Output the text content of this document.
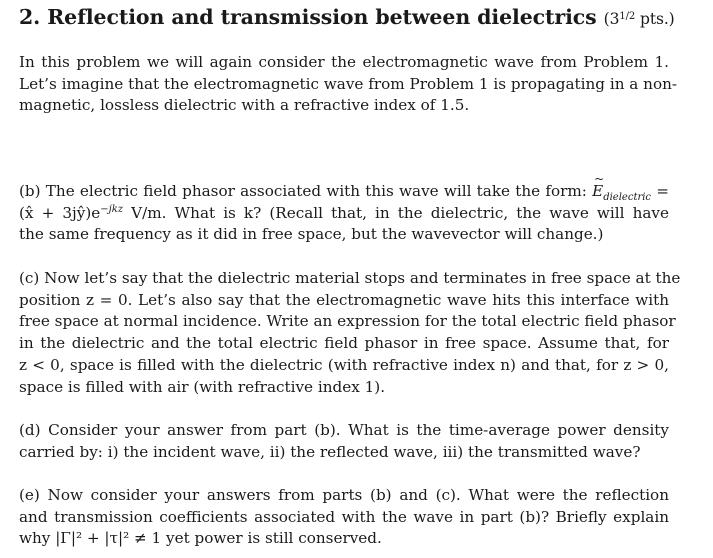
2. Reflection and transmission between dielectrics ($3^{1/2}$ pts.)
In this problem we will again consider the electromagnetic wave from Problem 1.
Let’s imagine that the electromagnetic wave from Problem 1 is propagating in a non-
magnetic, lossless dielectric with a refractive index of 1.5.
(b) The electric field phasor associated with this wave will take the form: ~ $E_{dielectric}$ =
(x̂ + $3jŷ)e^{-jkz}$ V/m. What is k? (Recall that, in the dielectric, the wave will have
the same frequency as it did in free space, but the wavevector will change.)
(c) Now let’s say that the dielectric material stops and terminates in free space at the
position z = 0. Let’s also say that the electromagnetic wave hits this interface with
free space at normal incidence. Write an expression for the total electric field phasor
in the dielectric and the total electric field phasor in free space. Assume that, for
z < 0, space is filled with the dielectric (with refractive index n) and that, for z > 0,
space is filled with air (with refractive index 1).
(d) Consider your answer from part (b). What is the time-average power density
carried by: i) the incident wave, ii) the reflected wave, iii) the transmitted wave?
(e) Now consider your answers from parts (b) and (c). What were the reflection
and transmission coefficients associated with the wave in part (b)? Briefly explain
why |Γ|² + |τ|² ≠ 1 yet power is still conserved.
